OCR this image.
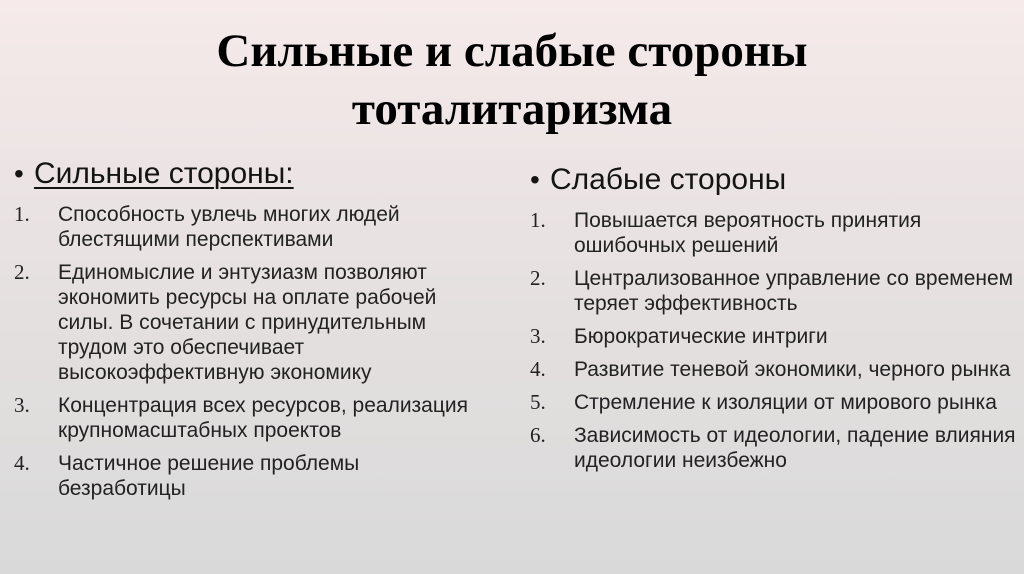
Сильные и слабые стороны
тоталитаризма
• Сильные стороны:
1.	Способность увлечь многих людей блестящими перспективами
2.	Единомыслие и энтузиазм позволяют экономить ресурсы на оплате рабочей силы. В сочетании с принудительным трудом это обеспечивает высокоэффективную экономику
3.	Концентрация всех ресурсов, реализация крупномасштабных проектов
4.	Частичное решение проблемы безработицы
• Слабые стороны
1.	Повышается вероятность принятия ошибочных решений
2.	Централизованное управление со временем теряет эффективность
3.	Бюрократические интриги
4.	Развитие теневой экономики, черного рынка
5.	Стремление к изоляции от мирового рынка
6.	Зависимость от идеологии, падение влияния идеологии неизбежно
